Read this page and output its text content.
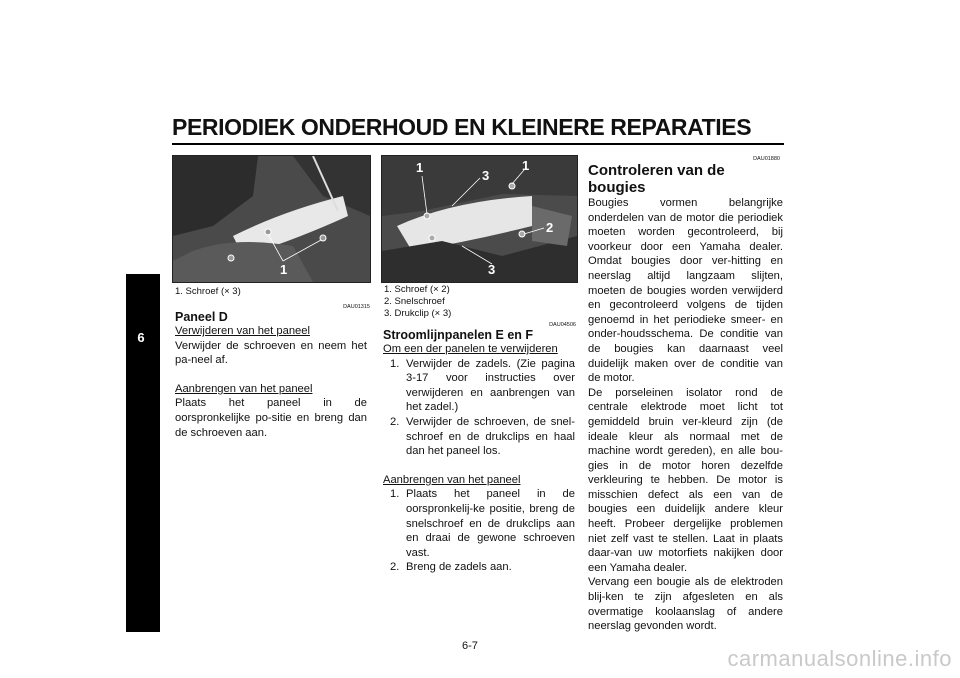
PERIODIEK ONDERHOUD EN KLEINERE REPARATIES
6
1
1. Schroef (× 3)
DAU01315
Paneel D
Verwijderen van het paneel
Verwijder de schroeven en neem het pa-neel af.
Aanbrengen van het paneel
Plaats het paneel in de oorspronkelijke po-sitie en breng dan de schroeven aan.
1
3
1
2
3
1. Schroef (× 2)
2. Snelschroef
3. Drukclip (× 3)
DAU04506
Stroomlijnpanelen E en F
Om een der panelen te verwijderen
1. Verwijder de zadels. (Zie pagina 3-17 voor instructies over verwijderen en aanbrengen van het zadel.)
2. Verwijder de schroeven, de snel-schroef en de drukclips en haal dan het paneel los.
Aanbrengen van het paneel
1. Plaats het paneel in de oorspronkelij-ke positie, breng de snelschroef en de drukclips aan en draai de gewone schroeven vast.
2. Breng de zadels aan.
DAU01880
Controleren van de bougies
Bougies vormen belangrijke onderdelen van de motor die periodiek moeten worden gecontroleerd, bij voorkeur door een Yamaha dealer. Omdat bougies door ver-hitting en neerslag altijd langzaam slijten, moeten de bougies worden verwijderd en gecontroleerd volgens de tijden genoemd in het periodieke smeer- en onder-houdsschema. De conditie van de bougies kan daarnaast veel duidelijk maken over de conditie van de motor.
De porseleinen isolator rond de centrale elektrode moet licht tot gemiddeld bruin ver-kleurd zijn (de ideale kleur als normaal met de machine wordt gereden), en alle bou-gies in de motor horen dezelfde verkleuring te hebben. De motor is misschien defect als een van de bougies een duidelijk andere kleur heeft. Probeer dergelijke problemen niet zelf vast te stellen. Laat in plaats daar-van uw motorfiets nakijken door een Yamaha dealer.
Vervang een bougie als de elektroden blij-ken te zijn afgesleten en als overmatige koolaanslag of andere neerslag gevonden wordt.
6-7	carmanualsonline.info
